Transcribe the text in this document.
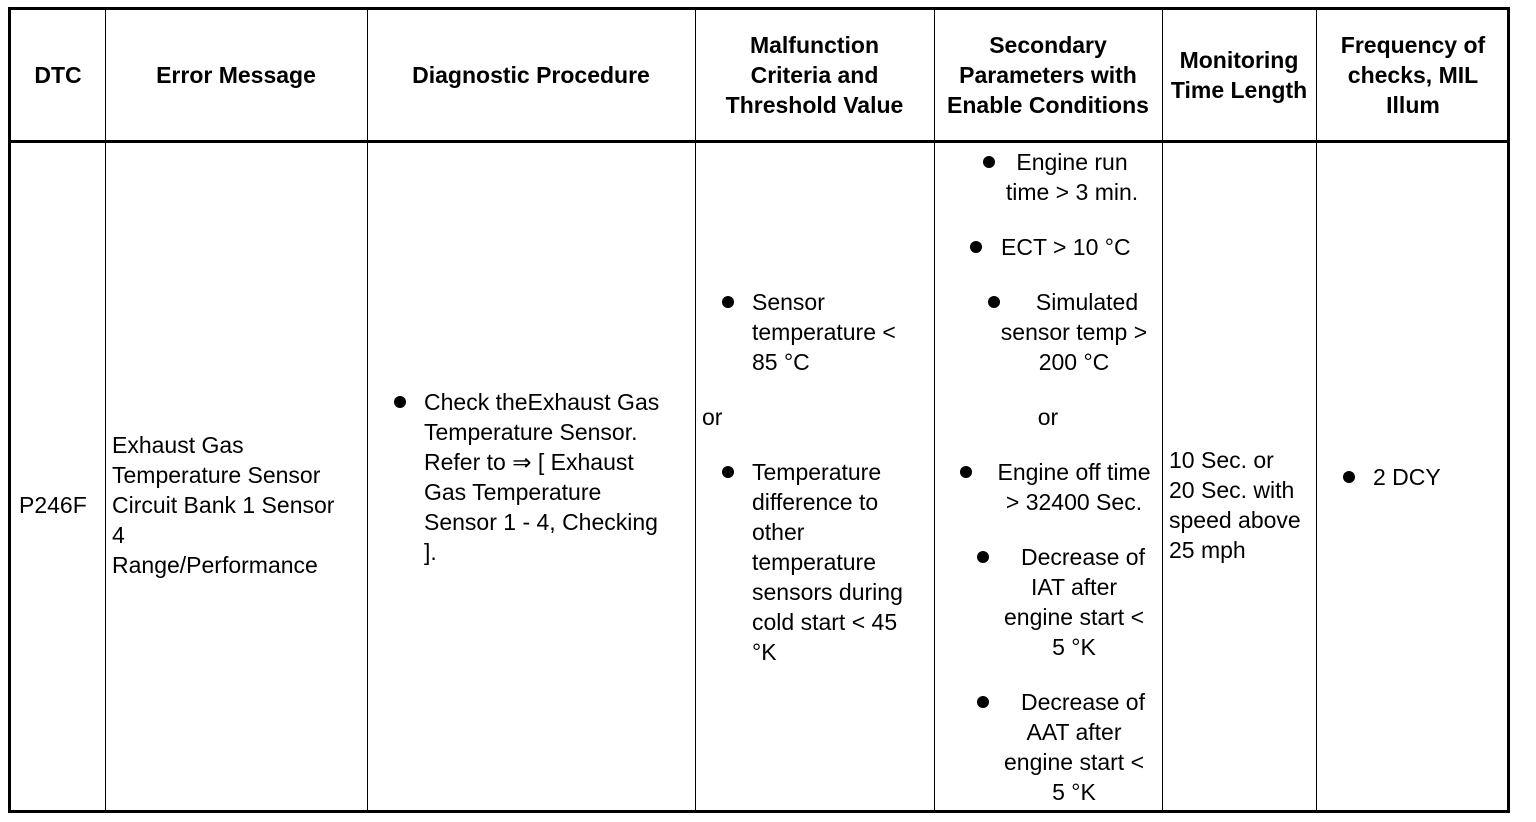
DTC	Error Message	Diagnostic Procedure
Malfunction Criteria and Threshold Value
Secondary Parameters with Enable Conditions
Monitoring Time Length
Frequency of checks, MIL Illum
P246F
Exhaust Gas
Temperature Sensor
Circuit Bank 1 Sensor
4
Range/Performance
Check theExhaust Gas
Temperature Sensor.
Refer to ⇒ [ Exhaust
Gas Temperature
Sensor 1 - 4, Checking
].
Sensor
temperature <
85 °C
or
Temperature
difference to
other
temperature
sensors during
cold start < 45
°K
Engine run
time > 3 min.
ECT > 10 °C
Simulated
sensor temp >
200 °C
or
Engine off time
> 32400 Sec.
Decrease of
IAT after
engine start <
5 °K
Decrease of
AAT after
engine start <
5 °K
10 Sec. or
20 Sec. with
speed above
25 mph
2 DCY
